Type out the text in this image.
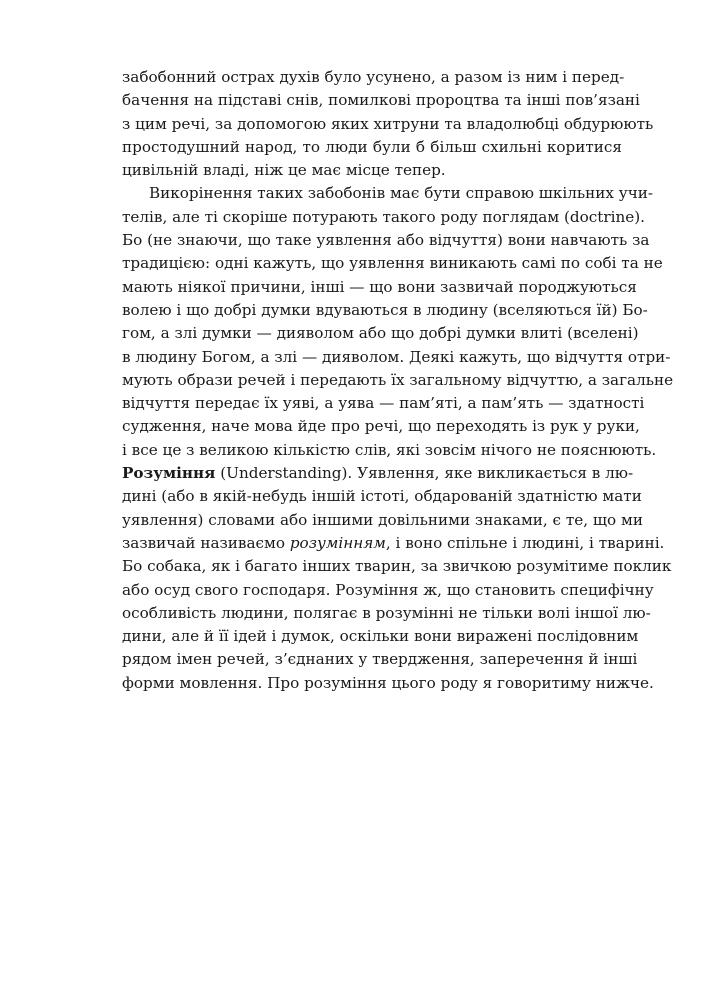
забобонний острах духів було усунено, а разом із ним і перед-
бачення на підставі снів, помилкові пророцтва та інші пов’язані
з цим речі, за допомогою яких хитруни та владолюбці обдурюють
простодушний народ, то люди були б більш схильні коритися
цивільній владі, ніж це має місце тепер.

Викорінення таких забобонів має бути справою шкільних учи-
телів, але ті скоріше потурають такого роду поглядам (doctrine).
Бо (не знаючи, що таке уявлення або відчуття) вони навчають за
традицією: одні кажуть, що уявлення виникають самі по собі та не
мають ніякої причини, інші — що вони зазвичай породжуються
волею і що добрі думки вдуваються в людину (вселяються їй) Бо-
гом, а злі думки — дияволом або що добрі думки влиті (вселені)
в людину Богом, а злі — дияволом. Деякі кажуть, що відчуття отри-
мують образи речей і передають їх загальному відчуттю, а загальне
відчуття передає їх уяві, а уява — пам’яті, а пам’ять — здатності
судження, наче мова йде про речі, що переходять із рук у руки,
і все це з великою кількістю слів, які зовсім нічого не пояснюють.

Розуміння (Understanding). Уявлення, яке викликається в лю-
дині (або в якій-небудь іншій істоті, обдарованій здатністю мати
уявлення) словами або іншими довільними знаками, є те, що ми
зазвичай називаємо розумінням, і воно спільне і людині, і тварині.
Бо собака, як і багато інших тварин, за звичкою розумітиме поклик
або осуд свого господаря. Розуміння ж, що становить специфічну
особливість людини, полягає в розумінні не тільки волі іншої лю-
дини, але й її ідей і думок, оскільки вони виражені послідовним
рядом імен речей, з’єднаних у твердження, заперечення й інші
форми мовлення. Про розуміння цього роду я говоритиму нижче.
